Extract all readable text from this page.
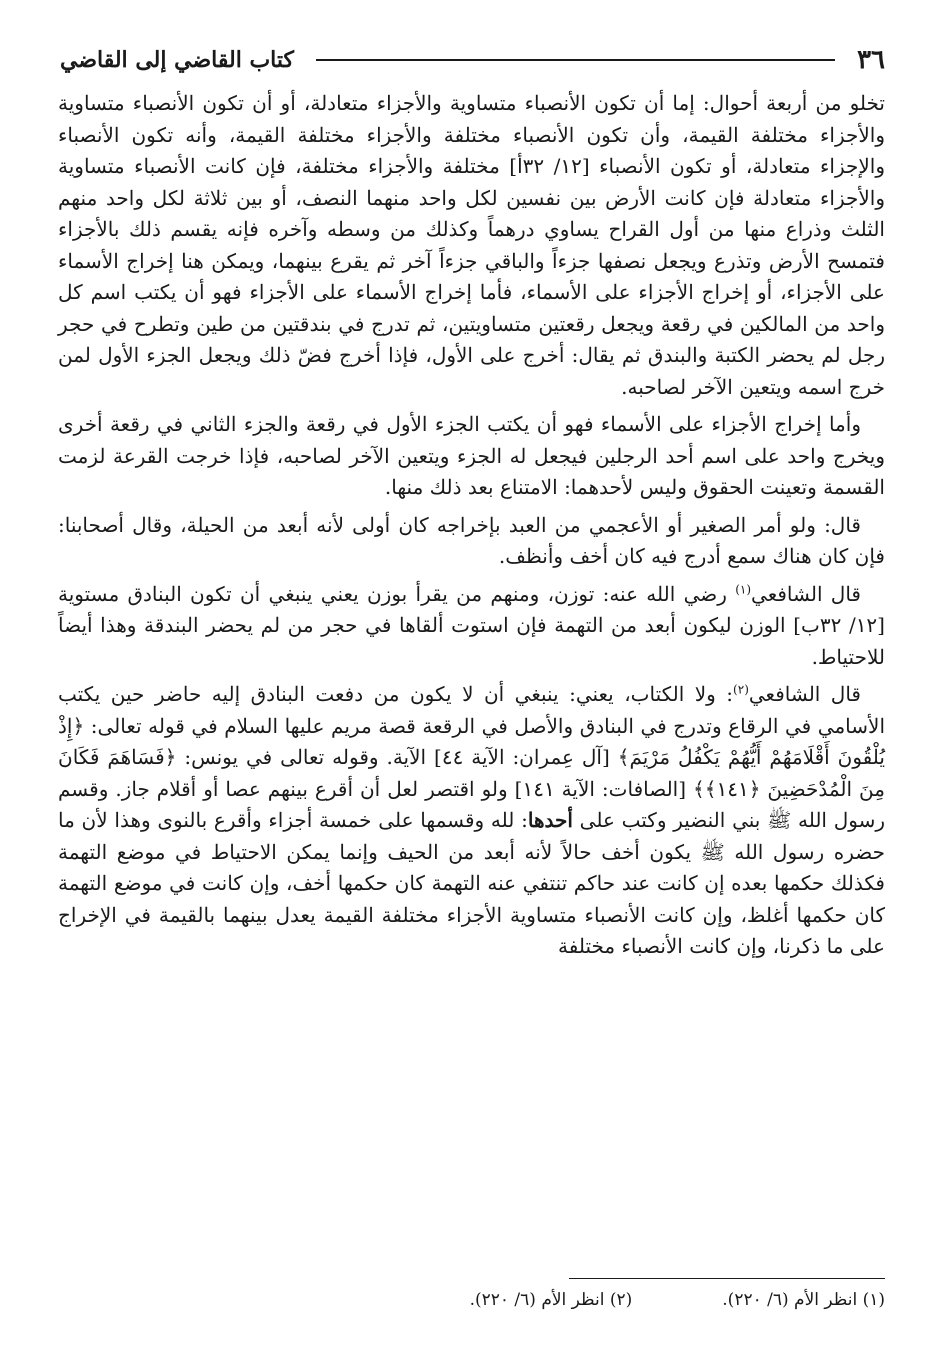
٣٦
كتاب القاضي إلى القاضي

تخلو من أربعة أحوال: إما أن تكون الأنصباء متساوية والأجزاء متعادلة، أو أن تكون الأنصباء متساوية والأجزاء مختلفة القيمة، وأن تكون الأنصباء مختلفة والأجزاء مختلفة القيمة، وأنه تكون الأنصباء والإجزاء متعادلة، أو تكون الأنصباء [١٢/ ٣٢أ] مختلفة والأجزاء مختلفة، فإن كانت الأنصباء متساوية والأجزاء متعادلة فإن كانت الأرض بين نفسين لكل واحد منهما النصف، أو بين ثلاثة لكل واحد منهم الثلث وذراع منها من أول القراح يساوي درهماً وكذلك من وسطه وآخره فإنه يقسم ذلك بالأجزاء فتمسح الأرض وتذرع ويجعل نصفها جزءاً والباقي جزءاً آخر ثم يقرع بينهما، ويمكن هنا إخراج الأسماء على الأجزاء، أو إخراج الأجزاء على الأسماء، فأما إخراج الأسماء على الأجزاء فهو أن يكتب اسم كل واحد من المالكين في رقعة ويجعل رقعتين متساويتين، ثم تدرج في بندقتين من طين وتطرح في حجر رجل لم يحضر الكتبة والبندق ثم يقال: أخرج على الأول، فإذا أخرج فضّ ذلك ويجعل الجزء الأول لمن خرج اسمه ويتعين الآخر لصاحبه.

وأما إخراج الأجزاء على الأسماء فهو أن يكتب الجزء الأول في رقعة والجزء الثاني في رقعة أخرى ويخرج واحد على اسم أحد الرجلين فيجعل له الجزء ويتعين الآخر لصاحبه، فإذا خرجت القرعة لزمت القسمة وتعينت الحقوق وليس لأحدهما: الامتناع بعد ذلك منها.

قال: ولو أمر الصغير أو الأعجمي من العبد بإخراجه كان أولى لأنه أبعد من الحيلة، وقال أصحابنا: فإن كان هناك سمع أدرج فيه كان أخف وأنظف.

قال الشافعي$^{(١)}$ رضي الله عنه: توزن، ومنهم من يقرأ بوزن يعني ينبغي أن تكون البنادق مستوية [١٢/ ٣٢ب] الوزن ليكون أبعد من التهمة فإن استوت ألقاها في حجر من لم يحضر البندقة وهذا أيضاً للاحتياط.

قال الشافعي$^{(٢)}$: ولا الكتاب، يعني: ينبغي أن لا يكون من دفعت البنادق إليه حاضر حين يكتب الأسامي في الرقاع وتدرج في البنادق والأصل في الرقعة قصة مريم عليها السلام في قوله تعالى: ﴿إِذْ يُلْقُونَ أَقْلَامَهُمْ أَيُّهُمْ يَكْفُلُ مَرْيَمَ﴾ [آل عِمران: الآية ٤٤] الآية. وقوله تعالى في يونس: ﴿فَسَاهَمَ فَكَانَ مِنَ الْمُدْحَضِينَ ﴿١٤١﴾﴾ [الصافات: الآية ١٤١] ولو اقتصر لعل أن أقرع بينهم عصا أو أقلام جاز. وقسم رسول الله ﷺ بني النضير وكتب على أحدها: لله وقسمها على خمسة أجزاء وأقرع بالنوى وهذا لأن ما حضره رسول الله ﷺ يكون أخف حالاً لأنه أبعد من الحيف وإنما يمكن الاحتياط في موضع التهمة فكذلك حكمها بعده إن كانت عند حاكم تنتفي عنه التهمة كان حكمها أخف، وإن كانت في موضع التهمة كان حكمها أغلظ، وإن كانت الأنصباء متساوية الأجزاء مختلفة القيمة يعدل بينهما بالقيمة في الإخراج على ما ذكرنا، وإن كانت الأنصباء مختلفة

(١) انظر الأم (٦/ ٢٢٠).
(٢) انظر الأم (٦/ ٢٢٠).
